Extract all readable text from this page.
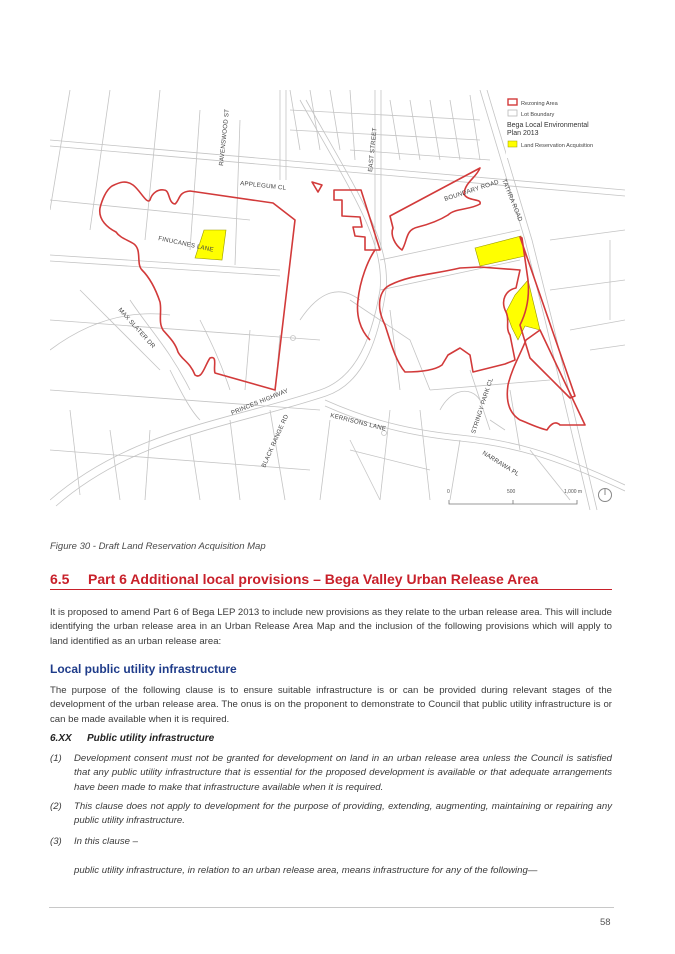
RAVENSWOOD ST
APPLEGUM CL
FINUCANES LANE
EAST STREET
BOUNDARY ROAD TATHRA ROAD
MAX SLATER DR
PRINCES HIGHWAY
KERRISONS LANE
BLACK RANGE RD
STRINGY PARK CL
NARRAWA PL
Rezoning Area
Lot Boundary
Bega Local Environmental
Plan 2013
Land Reservation Acquisition
0	500	1,000 m
Figure 30 - Draft Land Reservation Acquisition Map
6.5 Part 6 Additional local provisions – Bega Valley Urban Release Area
It is proposed to amend Part 6 of Bega LEP 2013 to include new provisions as they relate to the urban release area. This will include identifying the urban release area in an Urban Release Area Map and the inclusion of the following provisions which will apply to land identified as an urban release area:
Local public utility infrastructure
The purpose of the following clause is to ensure suitable infrastructure is or can be provided during relevant stages of the development of the urban release area. The onus is on the proponent to demonstrate to Council that public utility infrastructure is or can be made available when it is required.
6.XX Public utility infrastructure
(1) Development consent must not be granted for development on land in an urban release area unless the Council is satisfied that any public utility infrastructure that is essential for the proposed development is available or that adequate arrangements have been made to make that infrastructure available when it is required.
(2) This clause does not apply to development for the purpose of providing, extending, augmenting, maintaining or repairing any public utility infrastructure.
(3) In this clause –
public utility infrastructure, in relation to an urban release area, means infrastructure for any of the following—
58
